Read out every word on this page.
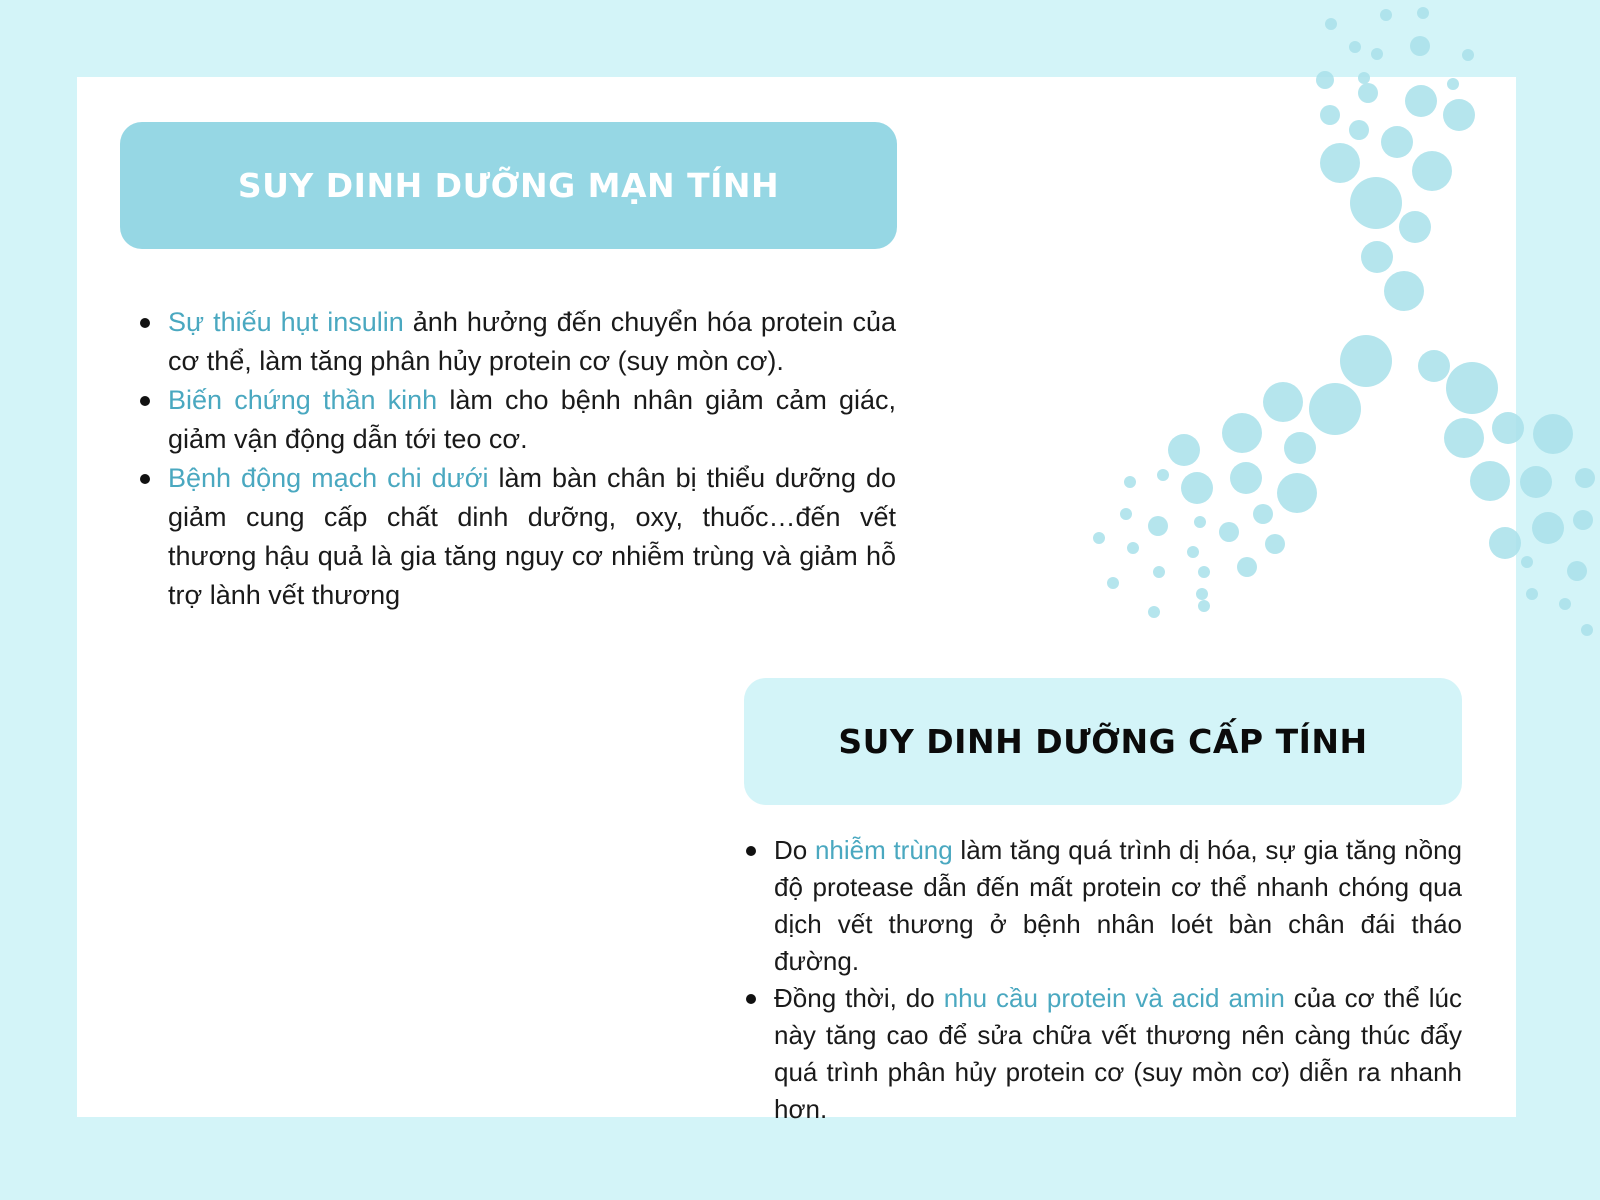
SUY DINH DƯỠNG MẠN TÍNH
Sự thiếu hụt insulin ảnh hưởng đến chuyển hóa protein của cơ thể, làm tăng phân hủy protein cơ (suy mòn cơ).
Biến chứng thần kinh làm cho bệnh nhân giảm cảm giác, giảm vận động dẫn tới teo cơ.
Bệnh động mạch chi dưới làm bàn chân bị thiểu dưỡng do giảm cung cấp chất dinh dưỡng, oxy, thuốc…đến vết thương hậu quả là gia tăng nguy cơ nhiễm trùng và giảm hỗ trợ lành vết thương
SUY DINH DƯỠNG CẤP TÍNH
Do nhiễm trùng làm tăng quá trình dị hóa, sự gia tăng nồng độ protease dẫn đến mất protein cơ thể nhanh chóng qua dịch vết thương ở bệnh nhân loét bàn chân đái tháo đường.
Đồng thời, do nhu cầu protein và acid amin của cơ thể lúc này tăng cao để sửa chữa vết thương nên càng thúc đẩy quá trình phân hủy protein cơ (suy mòn cơ) diễn ra nhanh hơn.
